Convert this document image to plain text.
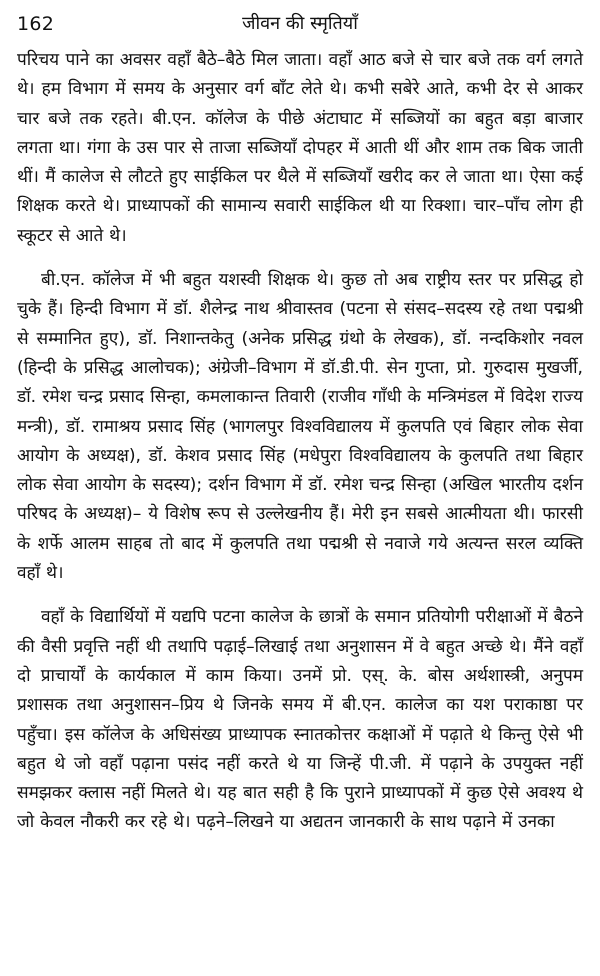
162	जीवन की स्मृतियाँ

परिचय पाने का अवसर वहाँ बैठे–बैठे मिल जाता। वहाँ आठ बजे से चार बजे तक वर्ग लगते थे। हम विभाग में समय के अनुसार वर्ग बाँट लेते थे। कभी सबेरे आते, कभी देर से आकर चार बजे तक रहते। बी.एन. कॉलेज के पीछे अंटाघाट में सब्जियों का बहुत बड़ा बाजार लगता था। गंगा के उस पार से ताजा सब्जियाँ दोपहर में आती थीं और शाम तक बिक जाती थीं। मैं कालेज से लौटते हुए साईकिल पर थैले में सब्जियाँ खरीद कर ले जाता था। ऐसा कई शिक्षक करते थे। प्राध्यापकों की सामान्य सवारी साईकिल थी या रिक्शा। चार–पाँच लोग ही स्कूटर से आते थे।

बी.एन. कॉलेज में भी बहुत यशस्वी शिक्षक थे। कुछ तो अब राष्ट्रीय स्तर पर प्रसिद्ध हो चुके हैं। हिन्दी विभाग में डॉ. शैलेन्द्र नाथ श्रीवास्तव (पटना से संसद–सदस्य रहे तथा पद्मश्री से सम्मानित हुए), डॉ. निशान्तकेतु (अनेक प्रसिद्ध ग्रंथो के लेखक), डॉ. नन्दकिशोर नवल (हिन्दी के प्रसिद्ध आलोचक); अंग्रेजी–विभाग में डॉ.डी.पी. सेन गुप्ता, प्रो. गुरुदास मुखर्जी, डॉ. रमेश चन्द्र प्रसाद सिन्हा, कमलाकान्त तिवारी (राजीव गाँधी के मन्त्रिमंडल में विदेश राज्य मन्त्री), डॉ. रामाश्रय प्रसाद सिंह (भागलपुर विश्वविद्यालय में कुलपति एवं बिहार लोक सेवा आयोग के अध्यक्ष), डॉ. केशव प्रसाद सिंह (मधेपुरा विश्वविद्यालय के कुलपति तथा बिहार लोक सेवा आयोग के सदस्य); दर्शन विभाग में डॉ. रमेश चन्द्र सिन्हा (अखिल भारतीय दर्शन परिषद के अध्यक्ष)– ये विशेष रूप से उल्लेखनीय हैं। मेरी इन सबसे आत्मीयता थी। फारसी के शर्फे आलम साहब तो बाद में कुलपति तथा पद्मश्री से नवाजे गये अत्यन्त सरल व्यक्ति वहाँ थे।

वहाँ के विद्यार्थियों में यद्यपि पटना कालेज के छात्रों के समान प्रतियोगी परीक्षाओं में बैठने की वैसी प्रवृत्ति नहीं थी तथापि पढ़ाई–लिखाई तथा अनुशासन में वे बहुत अच्छे थे। मैंने वहाँ दो प्राचार्यों के कार्यकाल में काम किया। उनमें प्रो. एस्. के. बोस अर्थशास्त्री, अनुपम प्रशासक तथा अनुशासन–प्रिय थे जिनके समय में बी.एन. कालेज का यश पराकाष्ठा पर पहुँचा। इस कॉलेज के अधिसंख्य प्राध्यापक स्नातकोत्तर कक्षाओं में पढ़ाते थे किन्तु ऐसे भी बहुत थे जो वहाँ पढ़ाना पसंद नहीं करते थे या जिन्हें पी.जी. में पढ़ाने के उपयुक्त नहीं समझकर क्लास नहीं मिलते थे। यह बात सही है कि पुराने प्राध्यापकों में कुछ ऐसे अवश्य थे जो केवल नौकरी कर रहे थे। पढ़ने–लिखने या अद्यतन जानकारी के साथ पढ़ाने में उनका
